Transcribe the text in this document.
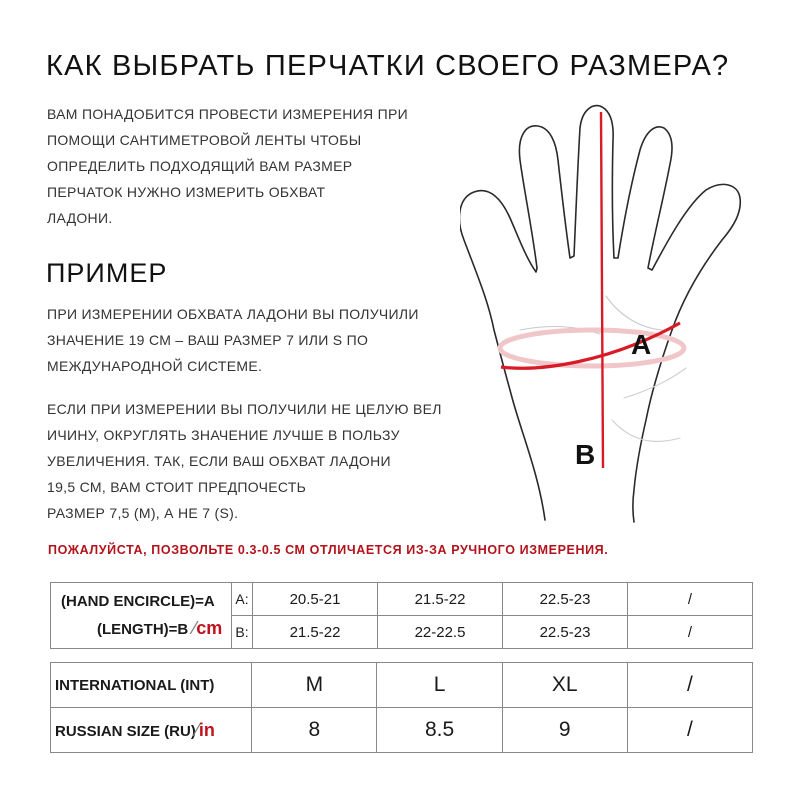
КАК ВЫБРАТЬ ПЕРЧАТКИ СВОЕГО РАЗМЕРА?
ВАМ ПОНАДОБИТСЯ ПРОВЕСТИ ИЗМЕРЕНИЯ ПРИ
ПОМОЩИ САНТИМЕТРОВОЙ ЛЕНТЫ ЧТОБЫ
ОПРЕДЕЛИТЬ ПОДХОДЯЩИЙ ВАМ РАЗМЕР
ПЕРЧАТОК НУЖНО ИЗМЕРИТЬ ОБХВАТ
ЛАДОНИ.
ПРИМЕР
ПРИ ИЗМЕРЕНИИ ОБХВАТА ЛАДОНИ ВЫ ПОЛУЧИЛИ
ЗНАЧЕНИЕ 19 СМ – ВАШ РАЗМЕР 7 ИЛИ S ПО
МЕЖДУНАРОДНОЙ СИСТЕМЕ.
ЕСЛИ ПРИ ИЗМЕРЕНИИ ВЫ ПОЛУЧИЛИ НЕ ЦЕЛУЮ ВЕЛ
ИЧИНУ, ОКРУГЛЯТЬ ЗНАЧЕНИЕ ЛУЧШЕ В ПОЛЬЗУ
УВЕЛИЧЕНИЯ. ТАК, ЕСЛИ ВАШ ОБХВАТ ЛАДОНИ
19,5 СМ, ВАМ СТОИТ ПРЕДПОЧЕСТЬ
РАЗМЕР 7,5 (М), А НЕ 7 (S).
A
B
ПОЖАЛУЙСТА, ПОЗВОЛЬТЕ 0.3-0.5 СМ ОТЛИЧАЕТСЯ ИЗ-ЗА РУЧНОГО ИЗМЕРЕНИЯ.
(HAND ENCIRCLE)=A
(LENGTH)=B ⁄cm	A:	20.5-21	21.5-22	22.5-23	/
	B:	21.5-22	22-22.5	22.5-23	/
INTERNATIONAL (INT)	M	L	XL	/
RUSSIAN SIZE (RU)⁄in	8	8.5	9	/
